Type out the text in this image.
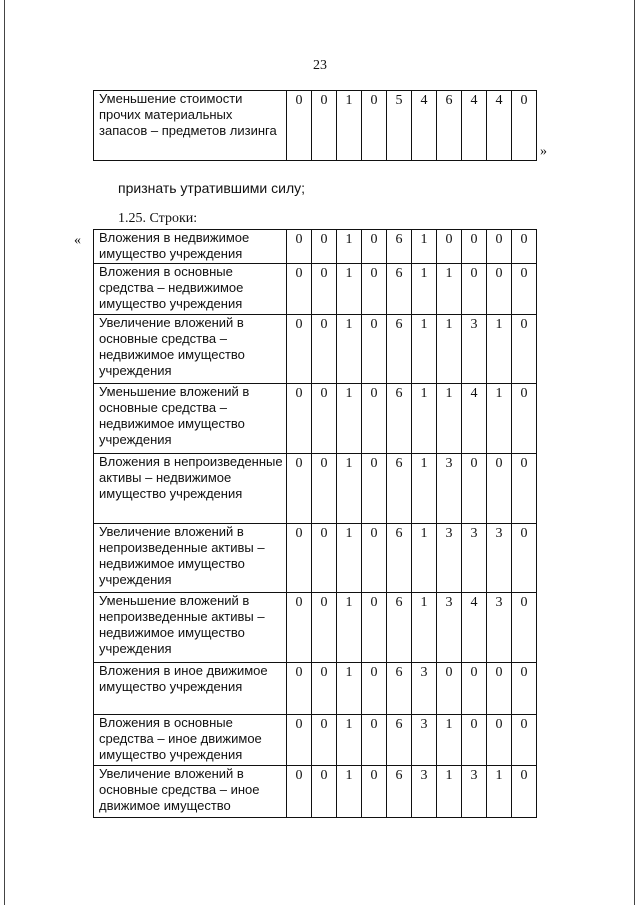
23
Уменьшение стоимости прочих материальных запасов – предметов лизинга	0	0	1	0	5	4	6	4	4	0
»
признать утратившими силу;
1.25. Строки:
« Вложения в недвижимое имущество учреждения	0	0	1	0	6	1	0	0	0	0
Вложения в основные средства – недвижимое имущество учреждения	0	0	1	0	6	1	1	0	0	0
Увеличение вложений в основные средства – недвижимое имущество учреждения	0	0	1	0	6	1	1	3	1	0
Уменьшение вложений в основные средства – недвижимое имущество учреждения	0	0	1	0	6	1	1	4	1	0
Вложения в непроизведенные активы – недвижимое имущество учреждения	0	0	1	0	6	1	3	0	0	0
Увеличение вложений в непроизведенные активы – недвижимое имущество учреждения	0	0	1	0	6	1	3	3	3	0
Уменьшение вложений в непроизведенные активы – недвижимое имущество учреждения	0	0	1	0	6	1	3	4	3	0
Вложения в иное движимое имущество учреждения	0	0	1	0	6	3	0	0	0	0
Вложения в основные средства – иное движимое имущество учреждения	0	0	1	0	6	3	1	0	0	0
Увеличение вложений в основные средства – иное движимое имущество	0	0	1	0	6	3	1	3	1	0
